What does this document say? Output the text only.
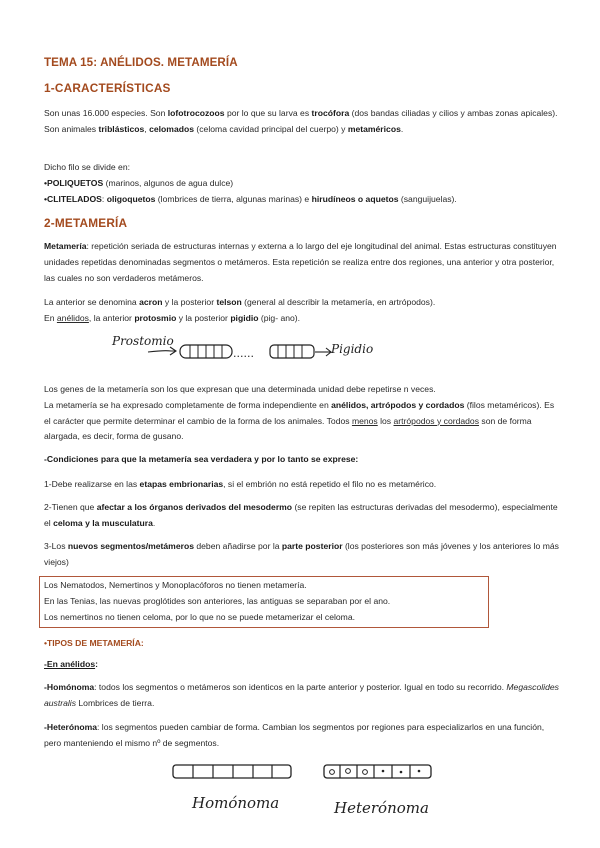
TEMA 15: ANÉLIDOS. METAMERÍA
1-CARACTERÍSTICAS
Son unas 16.000 especies. Son lofotrocozoos por lo que su larva es trocófora (dos bandas ciliadas y cilios y ambas zonas apicales). Son animales triblásticos, celomados (celoma cavidad principal del cuerpo) y metaméricos.
Dicho filo se divide en:
•POLIQUETOS (marinos, algunos de agua dulce)
•CLITELADOS: oligoquetos (lombrices de tierra, algunas marinas) e hirudíneos o aquetos (sanguijuelas).
2-METAMERÍA
Metamería: repetición seriada de estructuras internas y externa a lo largo del eje longitudinal del animal. Estas estructuras constituyen unidades repetidas denominadas segmentos o metámeros. Esta repetición se realiza entre dos regiones, una anterior y otra posterior, las cuales no son verdaderos metámeros.
La anterior se denomina acron y la posterior telson (general al describir la metamería, en artrópodos).
En anélidos, la anterior protosmio y la posterior pigidio (pig- ano).
Prostomio
Pigidio
......
Los genes de la metamería son los que expresan que una determinada unidad debe repetirse n veces.
La metamería se ha expresado completamente de forma independiente en anélidos, artrópodos y cordados (filos metaméricos). Es el carácter que permite determinar el cambio de la forma de los animales. Todos menos los artrópodos y cordados son de forma alargada, es decir, forma de gusano.
-Condiciones para que la metamería sea verdadera y por lo tanto se exprese:
1-Debe realizarse en las etapas embrionarias, si el embrión no está repetido el filo no es metamérico.
2-Tienen que afectar a los órganos derivados del mesodermo (se repiten las estructuras derivadas del mesodermo), especialmente el celoma y la musculatura.
3-Los nuevos segmentos/metámeros deben añadirse por la parte posterior (los posteriores son más jóvenes y los anteriores lo más viejos)
Los Nematodos, Nemertinos y Monoplacóforos no tienen metamería.
En las Tenias, las nuevas proglótides son anteriores, las antiguas se separaban por el ano.
Los nemertinos no tienen celoma, por lo que no se puede metamerizar el celoma.
•TIPOS DE METAMERÍA:
-En anélidos:
-Homónoma: todos los segmentos o metámeros son identicos en la parte anterior y posterior. Igual en todo su recorrido. Megascolides australis Lombrices de tierra.
-Heterónoma: los segmentos pueden cambiar de forma. Cambian los segmentos por regiones para especializarlos en una función, pero manteniendo el mismo nº de segmentos.
Homónoma	Heterónoma
